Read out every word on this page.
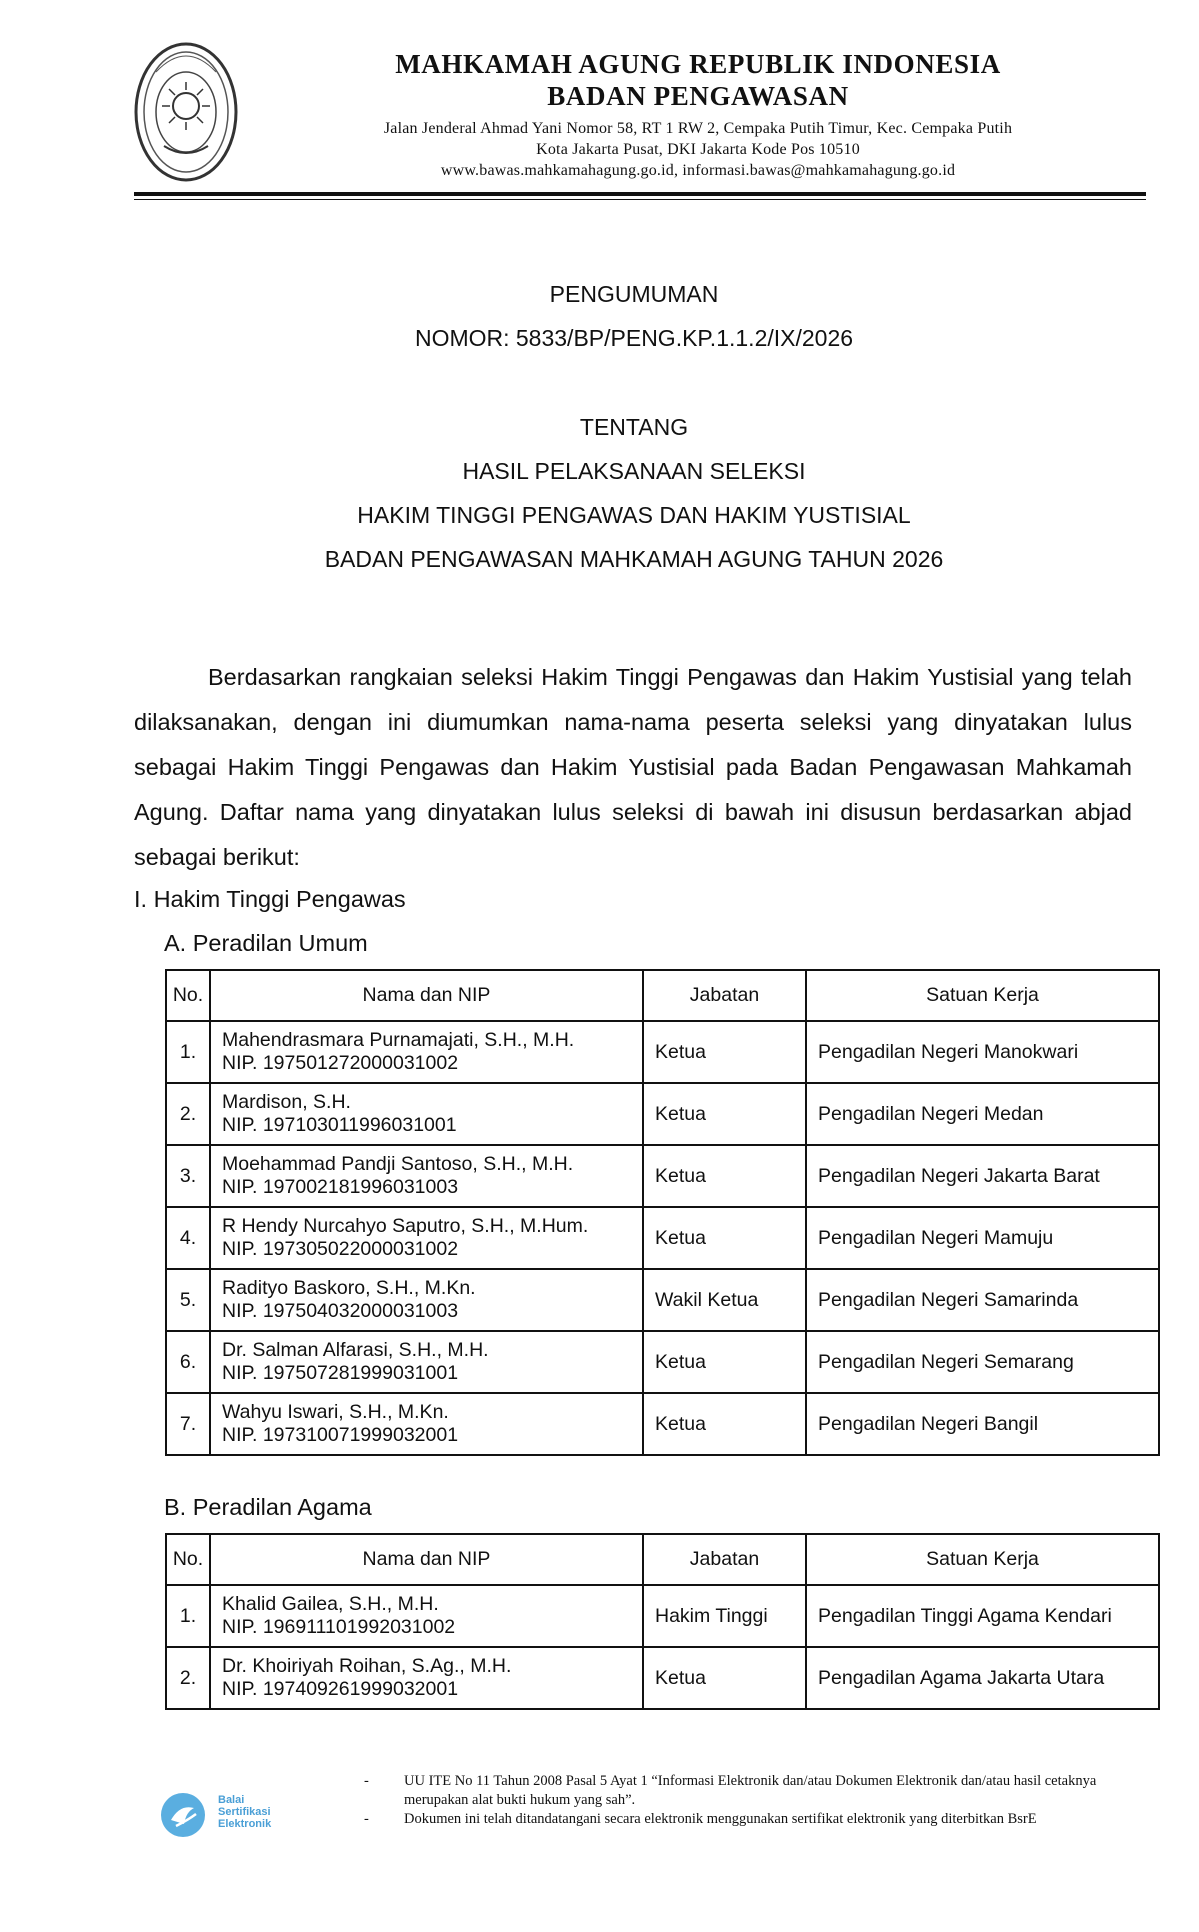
MAHKAMAH AGUNG REPUBLIK INDONESIA
BADAN PENGAWASAN
Jalan Jenderal Ahmad Yani Nomor 58, RT 1 RW 2, Cempaka Putih Timur, Kec. Cempaka Putih
Kota Jakarta Pusat, DKI Jakarta Kode Pos 10510
www.bawas.mahkamahagung.go.id, informasi.bawas@mahkamahagung.go.id
PENGUMUMAN
NOMOR: 5833/BP/PENG.KP.1.1.2/IX/2026
TENTANG
HASIL PELAKSANAAN SELEKSI
HAKIM TINGGI PENGAWAS DAN HAKIM YUSTISIAL
BADAN PENGAWASAN MAHKAMAH AGUNG TAHUN 2026
Berdasarkan rangkaian seleksi Hakim Tinggi Pengawas dan Hakim Yustisial yang telah dilaksanakan, dengan ini diumumkan nama-nama peserta seleksi yang dinyatakan lulus sebagai Hakim Tinggi Pengawas dan Hakim Yustisial pada Badan Pengawasan Mahkamah Agung. Daftar nama yang dinyatakan lulus seleksi di bawah ini disusun berdasarkan abjad sebagai berikut:
I. Hakim Tinggi Pengawas
A. Peradilan Umum
No.	Nama dan NIP	Jabatan	Satuan Kerja

1.	Mahendrasmara Purnamajati, S.H., M.H.
NIP. 197501272000031002	Ketua	Pengadilan Negeri Manokwari

2.	Mardison, S.H.
NIP. 197103011996031001	Ketua	Pengadilan Negeri Medan

3.	Moehammad Pandji Santoso, S.H., M.H.
NIP. 197002181996031003	Ketua	Pengadilan Negeri Jakarta Barat

4.	R Hendy Nurcahyo Saputro, S.H., M.Hum.
NIP. 197305022000031002	Ketua	Pengadilan Negeri Mamuju

5.	Radityo Baskoro, S.H., M.Kn.
NIP. 197504032000031003	Wakil Ketua	Pengadilan Negeri Samarinda

6.	Dr. Salman Alfarasi, S.H., M.H.
NIP. 197507281999031001	Ketua	Pengadilan Negeri Semarang

7.	Wahyu Iswari, S.H., M.Kn.
NIP. 197310071999032001	Ketua	Pengadilan Negeri Bangil
B. Peradilan Agama
No.	Nama dan NIP	Jabatan	Satuan Kerja

1.	Khalid Gailea, S.H., M.H.
NIP. 196911101992031002	Hakim Tinggi	Pengadilan Tinggi Agama Kendari

2.	Dr. Khoiriyah Roihan, S.Ag., M.H.
NIP. 197409261999032001	Ketua	Pengadilan Agama Jakarta Utara
Balai
Sertifikasi
Elektronik
- UU ITE No 11 Tahun 2008 Pasal 5 Ayat 1 “Informasi Elektronik dan/atau Dokumen Elektronik dan/atau hasil cetaknya merupakan alat bukti hukum yang sah”.
- Dokumen ini telah ditandatangani secara elektronik menggunakan sertifikat elektronik yang diterbitkan BsrE
